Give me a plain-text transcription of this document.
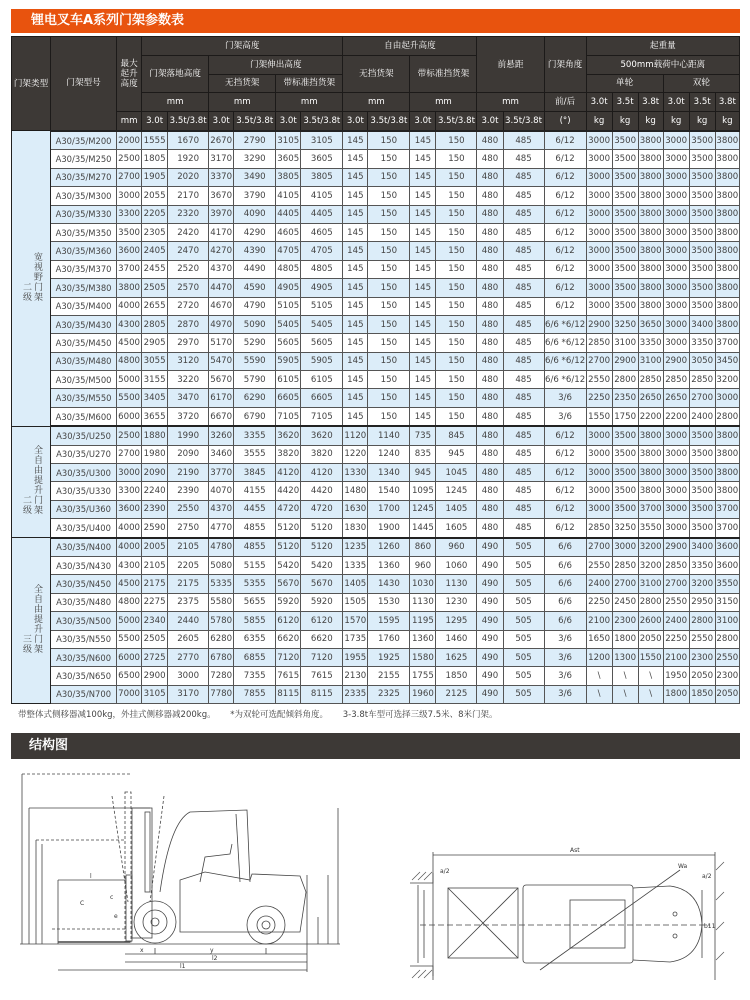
锂电叉车A系列门架参数表
门架类型	门架型号	最大起升高度	门架高度						自由起升高度				前悬距		门架角度	起重量					
			门架落地高度		门架伸出高度				无挡货架		带标准挡货架					500mm载荷中心距离					
					无挡货架		带标准挡货架									单轮			双轮		
			mm		mm		mm		mm		mm		mm		前/后	3.0t	3.5t	3.8t	3.0t	3.5t	3.8t
		mm	3.0t	3.5t/3.8t	3.0t	3.5t/3.8t	3.0t	3.5t/3.8t	3.0t	3.5t/3.8t	3.0t	3.5t/3.8t	3.0t	3.5t/3.8t	(°)	kg	kg	kg	kg	kg	kg
二级宽视野门架	A30/35/M200	2000	1555	1670	2670	2790	3105	3105	145	150	145	150	480	485	6/12	3000	3500	3800	3000	3500	3800
	A30/35/M250	2500	1805	1920	3170	3290	3605	3605	145	150	145	150	480	485	6/12	3000	3500	3800	3000	3500	3800
	A30/35/M270	2700	1905	2020	3370	3490	3805	3805	145	150	145	150	480	485	6/12	3000	3500	3800	3000	3500	3800
	A30/35/M300	3000	2055	2170	3670	3790	4105	4105	145	150	145	150	480	485	6/12	3000	3500	3800	3000	3500	3800
	A30/35/M330	3300	2205	2320	3970	4090	4405	4405	145	150	145	150	480	485	6/12	3000	3500	3800	3000	3500	3800
	A30/35/M350	3500	2305	2420	4170	4290	4605	4605	145	150	145	150	480	485	6/12	3000	3500	3800	3000	3500	3800
	A30/35/M360	3600	2405	2470	4270	4390	4705	4705	145	150	145	150	480	485	6/12	3000	3500	3800	3000	3500	3800
	A30/35/M370	3700	2455	2520	4370	4490	4805	4805	145	150	145	150	480	485	6/12	3000	3500	3800	3000	3500	3800
	A30/35/M380	3800	2505	2570	4470	4590	4905	4905	145	150	145	150	480	485	6/12	3000	3500	3800	3000	3500	3800
	A30/35/M400	4000	2655	2720	4670	4790	5105	5105	145	150	145	150	480	485	6/12	3000	3500	3800	3000	3500	3800
	A30/35/M430	4300	2805	2870	4970	5090	5405	5405	145	150	145	150	480	485	6/6 *6/12	2900	3250	3650	3000	3400	3800
	A30/35/M450	4500	2905	2970	5170	5290	5605	5605	145	150	145	150	480	485	6/6 *6/12	2850	3100	3350	3000	3350	3700
	A30/35/M480	4800	3055	3120	5470	5590	5905	5905	145	150	145	150	480	485	6/6 *6/12	2700	2900	3100	2900	3050	3450
	A30/35/M500	5000	3155	3220	5670	5790	6105	6105	145	150	145	150	480	485	6/6 *6/12	2550	2800	2850	2850	2850	3200
	A30/35/M550	5500	3405	3470	6170	6290	6605	6605	145	150	145	150	480	485	3/6	2250	2350	2650	2650	2700	3000
	A30/35/M600	6000	3655	3720	6670	6790	7105	7105	145	150	145	150	480	485	3/6	1550	1750	2200	2200	2400	2800
二级全自由提升门架	A30/35/U250	2500	1880	1990	3260	3355	3620	3620	1120	1140	735	845	480	485	6/12	3000	3500	3800	3000	3500	3800
	A30/35/U270	2700	1980	2090	3460	3555	3820	3820	1220	1240	835	945	480	485	6/12	3000	3500	3800	3000	3500	3800
	A30/35/U300	3000	2090	2190	3770	3845	4120	4120	1330	1340	945	1045	480	485	6/12	3000	3500	3800	3000	3500	3800
	A30/35/U330	3300	2240	2390	4070	4155	4420	4420	1480	1540	1095	1245	480	485	6/12	3000	3500	3800	3000	3500	3800
	A30/35/U360	3600	2390	2550	4370	4455	4720	4720	1630	1700	1245	1405	480	485	6/12	3000	3500	3700	3000	3500	3700
	A30/35/U400	4000	2590	2750	4770	4855	5120	5120	1830	1900	1445	1605	480	485	6/12	2850	3250	3550	3000	3500	3700
三级全自由提升门架	A30/35/N400	4000	2005	2105	4780	4855	5120	5120	1235	1260	860	960	490	505	6/6	2700	3000	3200	2900	3400	3600
	A30/35/N430	4300	2105	2205	5080	5155	5420	5420	1335	1360	960	1060	490	505	6/6	2550	2850	3200	2850	3350	3600
	A30/35/N450	4500	2175	2175	5335	5355	5670	5670	1405	1430	1030	1130	490	505	6/6	2400	2700	3100	2700	3200	3550
	A30/35/N480	4800	2275	2375	5580	5655	5920	5920	1505	1530	1130	1230	490	505	6/6	2250	2450	2800	2550	2950	3150
	A30/35/N500	5000	2340	2440	5780	5855	6120	6120	1570	1595	1195	1295	490	505	6/6	2100	2300	2600	2400	2800	3100
	A30/35/N550	5500	2505	2605	6280	6355	6620	6620	1735	1760	1360	1460	490	505	3/6	1650	1800	2050	2250	2550	2800
	A30/35/N600	6000	2725	2770	6780	6855	7120	7120	1955	1925	1580	1625	490	505	3/6	1200	1300	1550	2100	2300	2550
	A30/35/N650	6500	2900	3000	7280	7355	7615	7615	2130	2155	1755	1850	490	505	3/6	\	\	\	1950	2050	2300
	A30/35/N700	7000	3105	3170	7780	7855	8115	8115	2335	2325	1960	2125	490	505	3/6	\	\	\	1800	1850	2050
带整体式侧移器减100kg，外挂式侧移器减200kg。 *为双轮可选配倾斜角度。 3-3.8t车型可选择三级7.5米、8米门架。
结构图
l
c
C
e
x	y
l2
l1
Ast
Wa
a/2
a/2
b11
